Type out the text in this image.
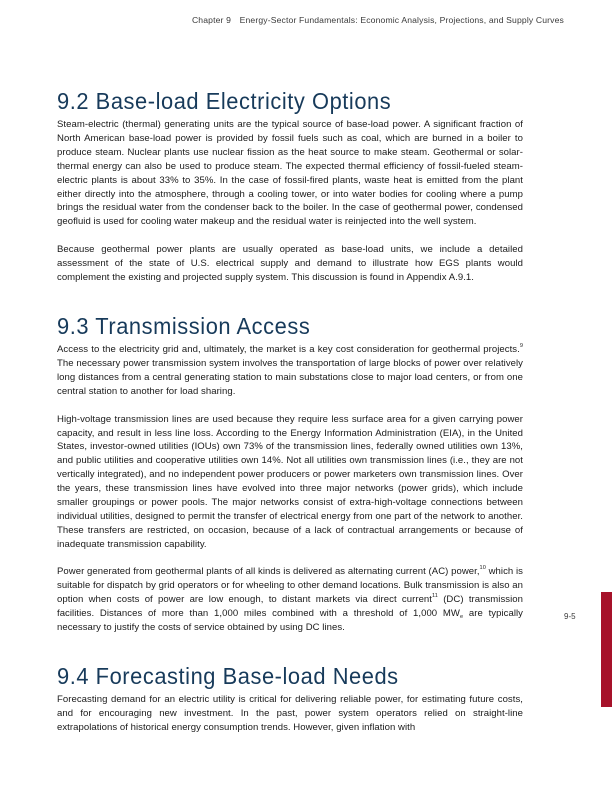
Chapter 9 Energy-Sector Fundamentals: Economic Analysis, Projections, and Supply Curves
9.2 Base-load Electricity Options

Steam-electric (thermal) generating units are the typical source of base-load power. A significant fraction of North American base-load power is provided by fossil fuels such as coal, which are burned in a boiler to produce steam. Nuclear plants use nuclear fission as the heat source to make steam. Geothermal or solar-thermal energy can also be used to produce steam. The expected thermal efficiency of fossil-fueled steam-electric plants is about 33% to 35%. In the case of fossil-fired plants, waste heat is emitted from the plant either directly into the atmosphere, through a cooling tower, or into water bodies for cooling where a pump brings the residual water from the condenser back to the boiler. In the case of geothermal power, condensed geofluid is used for cooling water makeup and the residual water is reinjected into the well system.

Because geothermal power plants are usually operated as base-load units, we include a detailed assessment of the state of U.S. electrical supply and demand to illustrate how EGS plants would complement the existing and projected supply system. This discussion is found in Appendix A.9.1.

9.3 Transmission Access

Access to the electricity grid and, ultimately, the market is a key cost consideration for geothermal projects.$^9$ The necessary power transmission system involves the transportation of large blocks of power over relatively long distances from a central generating station to main substations close to major load centers, or from one central station to another for load sharing.

High-voltage transmission lines are used because they require less surface area for a given carrying power capacity, and result in less line loss. According to the Energy Information Administration (EIA), in the United States, investor-owned utilities (IOUs) own 73% of the transmission lines, federally owned utilities own 13%, and public utilities and cooperative utilities own 14%. Not all utilities own transmission lines (i.e., they are not vertically integrated), and no independent power producers or power marketers own transmission lines. Over the years, these transmission lines have evolved into three major networks (power grids), which include smaller groupings or power pools. The major networks consist of extra-high-voltage connections between individual utilities, designed to permit the transfer of electrical energy from one part of the network to another. These transfers are restricted, on occasion, because of a lack of contractual arrangements or because of inadequate transmission capability.

Power generated from geothermal plants of all kinds is delivered as alternating current (AC) power,$^{10}$ which is suitable for dispatch by grid operators or for wheeling to other demand locations. Bulk transmission is also an option when costs of power are low enough, to distant markets via direct current$^{11}$ (DC) transmission facilities. Distances of more than 1,000 miles combined with a threshold of 1,000 $MW_e$ are typically necessary to justify the costs of service obtained by using DC lines.

9.4 Forecasting Base-load Needs

Forecasting demand for an electric utility is critical for delivering reliable power, for estimating future costs, and for encouraging new investment. In the past, power system operators relied on straight-line extrapolations of historical energy consumption trends. However, given inflation with

9-5
